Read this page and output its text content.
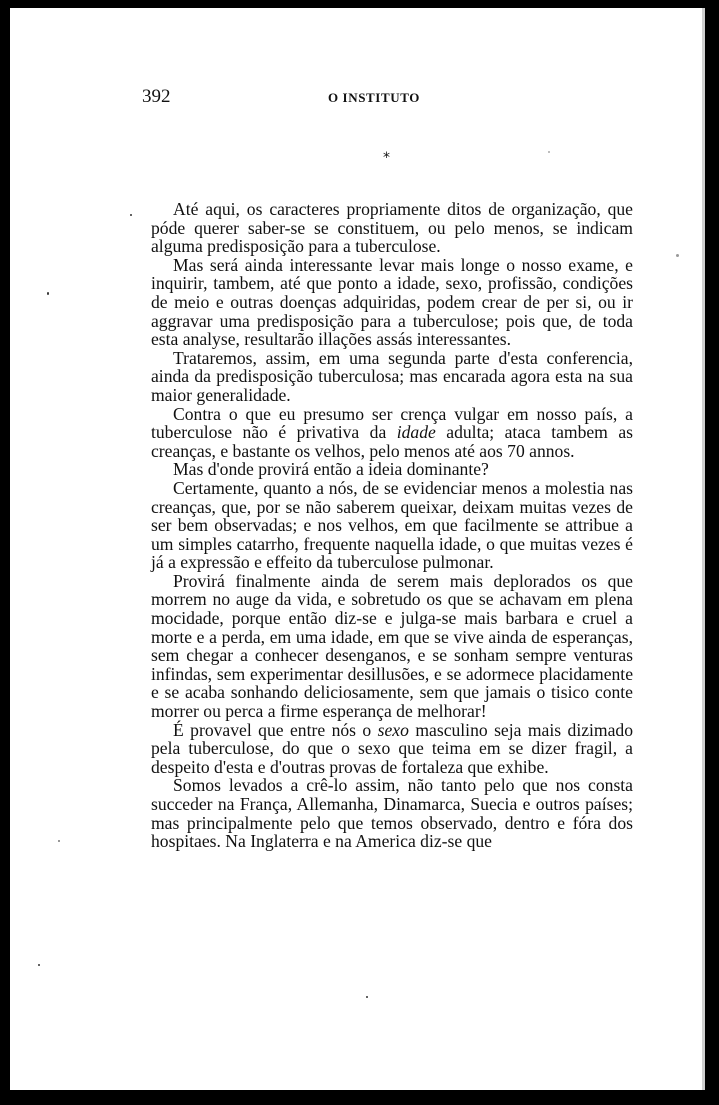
392	O INSTITUTO
*

Até aqui, os caracteres propriamente ditos de organização, que póde querer saber-se se constituem, ou pelo menos, se indicam alguma predisposição para a tuberculose.

Mas será ainda interessante levar mais longe o nosso exame, e inquirir, tambem, até que ponto a idade, sexo, profissão, condições de meio e outras doenças adquiridas, podem crear de per si, ou ir aggravar uma predisposição para a tuberculose; pois que, de toda esta analyse, resultarão illações assás interessantes.

Trataremos, assim, em uma segunda parte d'esta conferencia, ainda da predisposição tuberculosa; mas encarada agora esta na sua maior generalidade.

Contra o que eu presumo ser crença vulgar em nosso país, a tuberculose não é privativa da idade adulta; ataca tambem as creanças, e bastante os velhos, pelo menos até aos 70 annos.

Mas d'onde provirá então a ideia dominante?

Certamente, quanto a nós, de se evidenciar menos a molestia nas creanças, que, por se não saberem queixar, deixam muitas vezes de ser bem observadas; e nos velhos, em que facilmente se attribue a um simples catarrho, frequente naquella idade, o que muitas vezes é já a expressão e effeito da tuberculose pulmonar.

Provirá finalmente ainda de serem mais deplorados os que morrem no auge da vida, e sobretudo os que se achavam em plena mocidade, porque então diz-se e julga-se mais barbara e cruel a morte e a perda, em uma idade, em que se vive ainda de esperanças, sem chegar a conhecer desenganos, e se sonham sempre venturas infindas, sem experimentar desillusões, e se adormece placidamente e se acaba sonhando deliciosamente, sem que jamais o tisico conte morrer ou perca a firme esperança de melhorar!

É provavel que entre nós o sexo masculino seja mais dizimado pela tuberculose, do que o sexo que teima em se dizer fragil, a despeito d'esta e d'outras provas de fortaleza que exhibe.

Somos levados a crê-lo assim, não tanto pelo que nos consta succeder na França, Allemanha, Dinamarca, Suecia e outros países; mas principalmente pelo que temos observado, dentro e fóra dos hospitaes. Na Inglaterra e na America diz-se que
